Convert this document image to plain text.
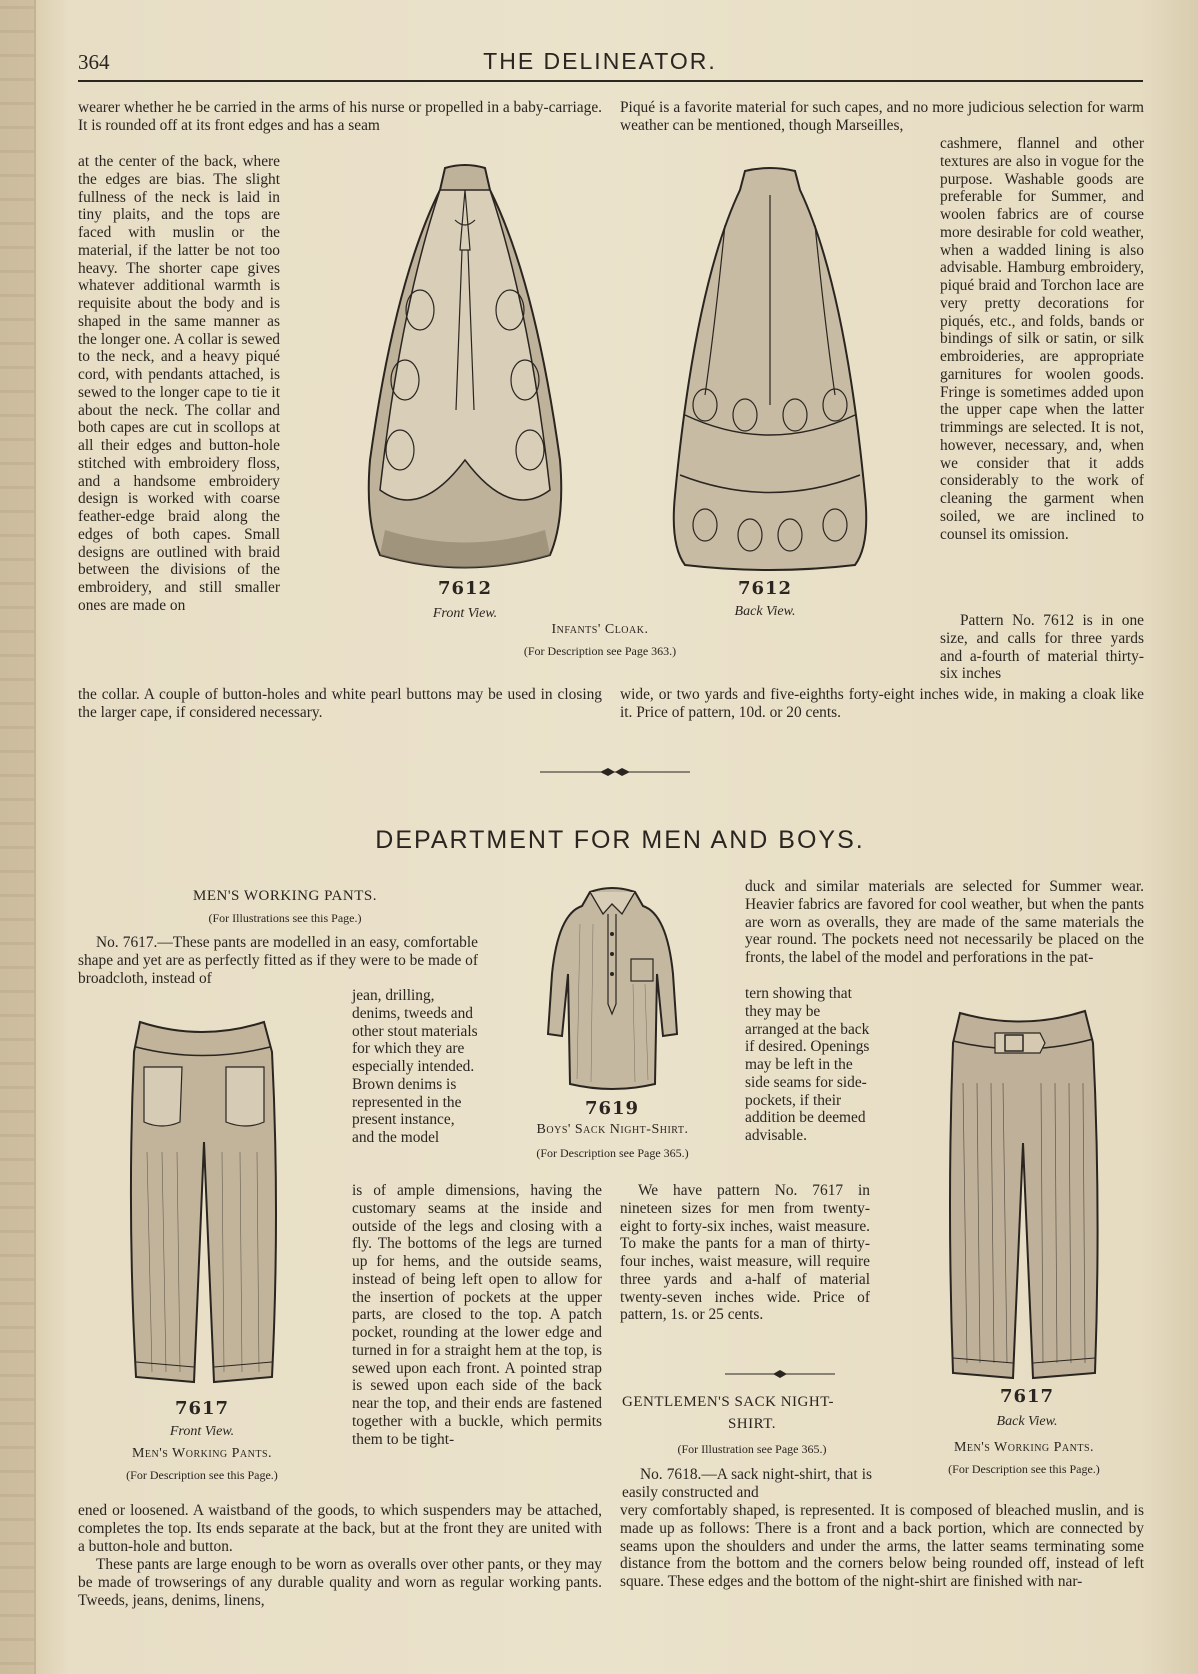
364	THE DELINEATOR.

wearer whether he be carried in the arms of his nurse or propelled in a baby-carriage. It is rounded off at its front edges and has a seam

at the center of the back, where the edges are bias. The slight fullness of the neck is laid in tiny plaits, and the tops are faced with muslin or the material, if the latter be not too heavy. The shorter cape gives whatever additional warmth is requisite about the body and is shaped in the same manner as the longer one. A collar is sewed to the neck, and a heavy piqué cord, with pendants attached, is sewed to the longer cape to tie it about the neck. The collar and both capes are cut in scollops at all their edges and button-hole stitched with embroidery floss, and a handsome embroidery design is worked with coarse feather-edge braid along the edges of both capes. Small designs are outlined with braid between the divisions of the embroidery, and still smaller ones are made on

the collar. A couple of button-holes and white pearl buttons may be used in closing the larger cape, if considered necessary.

Piqué is a favorite material for such capes, and no more judicious selection for warm weather can be mentioned, though Marseilles,

cashmere, flannel and other textures are also in vogue for the purpose. Washable goods are preferable for Summer, and woolen fabrics are of course more desirable for cold weather, when a wadded lining is also advisable. Hamburg embroidery, piqué braid and Torchon lace are very pretty decorations for piqués, etc., and folds, bands or bindings of silk or satin, or silk embroideries, are appropriate garnitures for woolen goods. Fringe is sometimes added upon the upper cape when the latter trimmings are selected. It is not, however, necessary, and, when we consider that it adds considerably to the work of cleaning the garment when soiled, we are inclined to counsel its omission.

Pattern No. 7612 is in one size, and calls for three yards and a-fourth of material thirty-six inches

wide, or two yards and five-eighths forty-eight inches wide, in making a cloak like it. Price of pattern, 10d. or 20 cents.

7612
Front View.
7612
Back View.
Infants' Cloak.
(For Description see Page 363.)
DEPARTMENT FOR MEN AND BOYS.
MEN'S WORKING PANTS.
(For Illustrations see this Page.)

No. 7617.—These pants are modelled in an easy, comfortable shape and yet are as perfectly fitted as if they were to be made of broadcloth, instead of

jean, drilling, denims, tweeds and other stout materials for which they are especially intended. Brown denims is represented in the present instance, and the model

is of ample dimensions, having the customary seams at the inside and outside of the legs and closing with a fly. The bottoms of the legs are turned up for hems, and the outside seams, instead of being left open to allow for the insertion of pockets at the upper parts, are closed to the top. A patch pocket, rounding at the lower edge and turned in for a straight hem at the top, is sewed upon each front. A pointed strap is sewed upon each side of the back near the top, and their ends are fastened together with a buckle, which permits them to be tight-

ened or loosened. A waistband of the goods, to which suspenders may be attached, completes the top. Its ends separate at the back, but at the front they are united with a button-hole and button.

These pants are large enough to be worn as overalls over other pants, or they may be made of trowserings of any durable quality and worn as regular working pants. Tweeds, jeans, denims, linens,

7617
Front View.
Men's Working Pants.
(For Description see this Page.)
7619
Boys' Sack Night-Shirt.
(For Description see Page 365.)

duck and similar materials are selected for Summer wear. Heavier fabrics are favored for cool weather, but when the pants are worn as overalls, they are made of the same materials the year round. The pockets need not necessarily be placed on the fronts, the label of the model and perforations in the pat-

tern showing that they may be arranged at the back if desired. Openings may be left in the side seams for side-pockets, if their addition be deemed advisable.

We have pattern No. 7617 in nineteen sizes for men from twenty-eight to forty-six inches, waist measure. To make the pants for a man of thirty-four inches, waist measure, will require three yards and a-half of material twenty-seven inches wide. Price of pattern, 1s. or 25 cents.

7617
Back View.
Men's Working Pants.
(For Description see this Page.)
GENTLEMEN'S SACK NIGHT-
SHIRT.
(For Illustration see Page 365.)

No. 7618.—A sack night-shirt, that is easily constructed and

very comfortably shaped, is represented. It is composed of bleached muslin, and is made up as follows: There is a front and a back portion, which are connected by seams upon the shoulders and under the arms, the latter seams terminating some distance from the bottom and the corners below being rounded off, instead of left square. These edges and the bottom of the night-shirt are finished with nar-
